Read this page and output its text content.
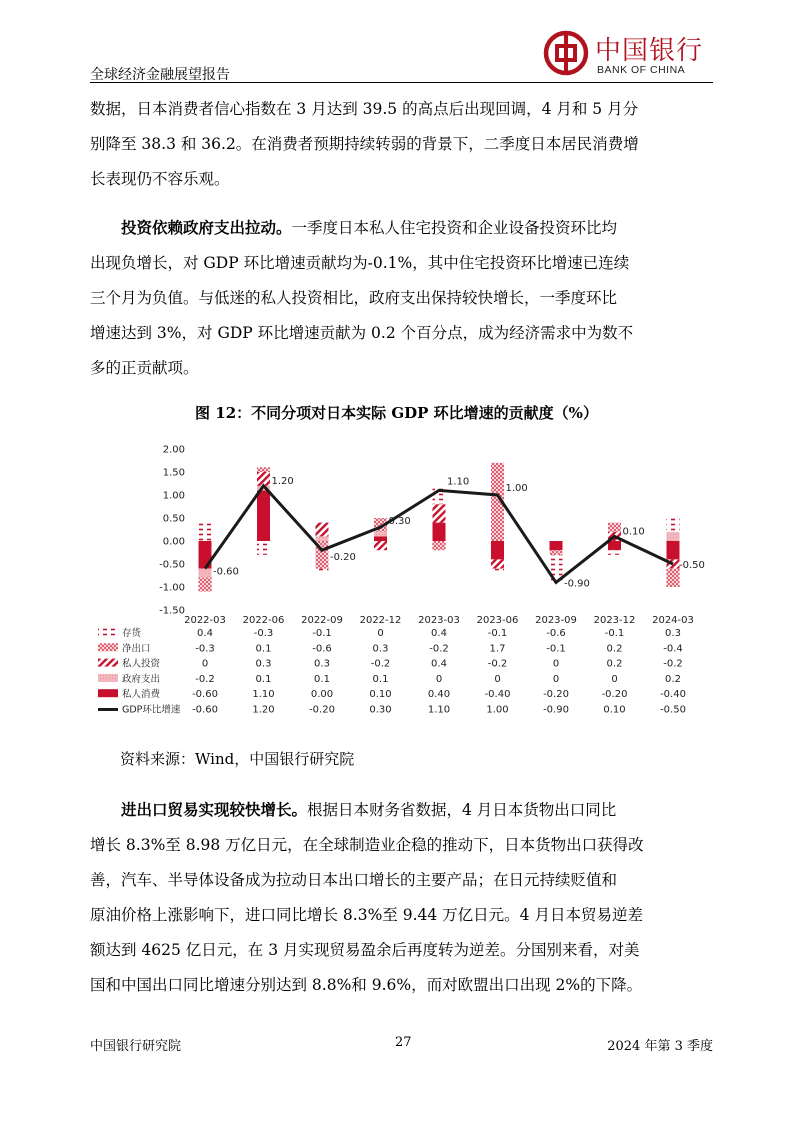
中国银行
BANK OF CHINA
全球经济金融展望报告
数据，日本消费者信心指数在 3 月达到 39.5 的高点后出现回调，4 月和 5 月分
别降至 38.3 和 36.2。在消费者预期持续转弱的背景下，二季度日本居民消费增
长表现仍不容乐观。
投资依赖政府支出拉动。一季度日本私人住宅投资和企业设备投资环比均
出现负增长，对 GDP 环比增速贡献均为-0.1%，其中住宅投资环比增速已连续
三个月为负值。与低迷的私人投资相比，政府支出保持较快增长，一季度环比
增速达到 3%，对 GDP 环比增速贡献为 0.2 个百分点，成为经济需求中为数不
多的正贡献项。
图 12：不同分项对日本实际 GDP 环比增速的贡献度（%）
2.00
1.50
1.00
0.50
0.00
-0.50
-1.00
-1.50
2022-03 2022-06 2022-09 2022-12 2023-03 2023-06 2023-09 2023-12 2024-03
-0.60
1.20
-0.20
0.30
1.10
1.00
-0.90
0.10
-0.50
存货	0.4	-0.3	-0.1	0	0.4	-0.1	-0.6	-0.1	0.3
净出口	-0.3	0.1	-0.6	0.3	-0.2	1.7	-0.1	0.2	-0.4
私人投资	0	0.3	0.3	-0.2	0.4	-0.2	0	0.2	-0.2
政府支出	-0.2	0.1	0.1	0.1	0	0	0	0	0.2
私人消费	-0.60	1.10	0.00	0.10	0.40	-0.40	-0.20	-0.20	-0.40
GDP环比增速 -0.60	1.20	-0.20	0.30	1.10	1.00	-0.90	0.10	-0.50
资料来源：Wind，中国银行研究院
进出口贸易实现较快增长。根据日本财务省数据，4 月日本货物出口同比
增长 8.3%至 8.98 万亿日元，在全球制造业企稳的推动下，日本货物出口获得改
善，汽车、半导体设备成为拉动日本出口增长的主要产品；在日元持续贬值和
原油价格上涨影响下，进口同比增长 8.3%至 9.44 万亿日元。4 月日本贸易逆差
额达到 4625 亿日元，在 3 月实现贸易盈余后再度转为逆差。分国别来看，对美
国和中国出口同比增速分别达到 8.8%和 9.6%，而对欧盟出口出现 2%的下降。
中国银行研究院	27	2024 年第 3 季度
